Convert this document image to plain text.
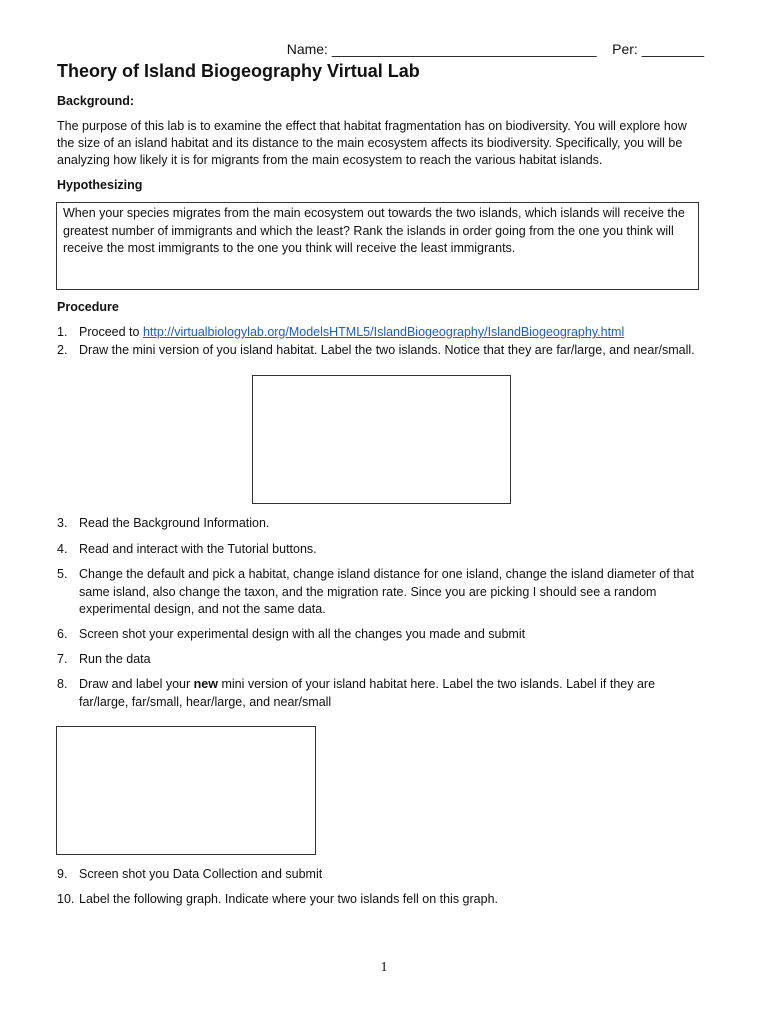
Name: __________________________________ Per: ________
Theory of Island Biogeography Virtual Lab
Background:
The purpose of this lab is to examine the effect that habitat fragmentation has on biodiversity. You will explore how the size of an island habitat and its distance to the main ecosystem affects its biodiversity. Specifically, you will be analyzing how likely it is for migrants from the main ecosystem to reach the various habitat islands.
Hypothesizing
When your species migrates from the main ecosystem out towards the two islands, which islands will receive the greatest number of immigrants and which the least? Rank the islands in order going from the one you think will receive the most immigrants to the one you think will receive the least immigrants.
Procedure
1. Proceed to http://virtualbiologylab.org/ModelsHTML5/IslandBiogeography/IslandBiogeography.html
2. Draw the mini version of you island habitat. Label the two islands. Notice that they are far/large, and near/small.
3. Read the Background Information.
4. Read and interact with the Tutorial buttons.
5. Change the default and pick a habitat, change island distance for one island, change the island diameter of that same island, also change the taxon, and the migration rate. Since you are picking I should see a random experimental design, and not the same data.
6. Screen shot your experimental design with all the changes you made and submit
7. Run the data
8. Draw and label your new mini version of your island habitat here. Label the two islands. Label if they are far/large, far/small, hear/large, and near/small
9. Screen shot you Data Collection and submit
10. Label the following graph. Indicate where your two islands fell on this graph.
1
